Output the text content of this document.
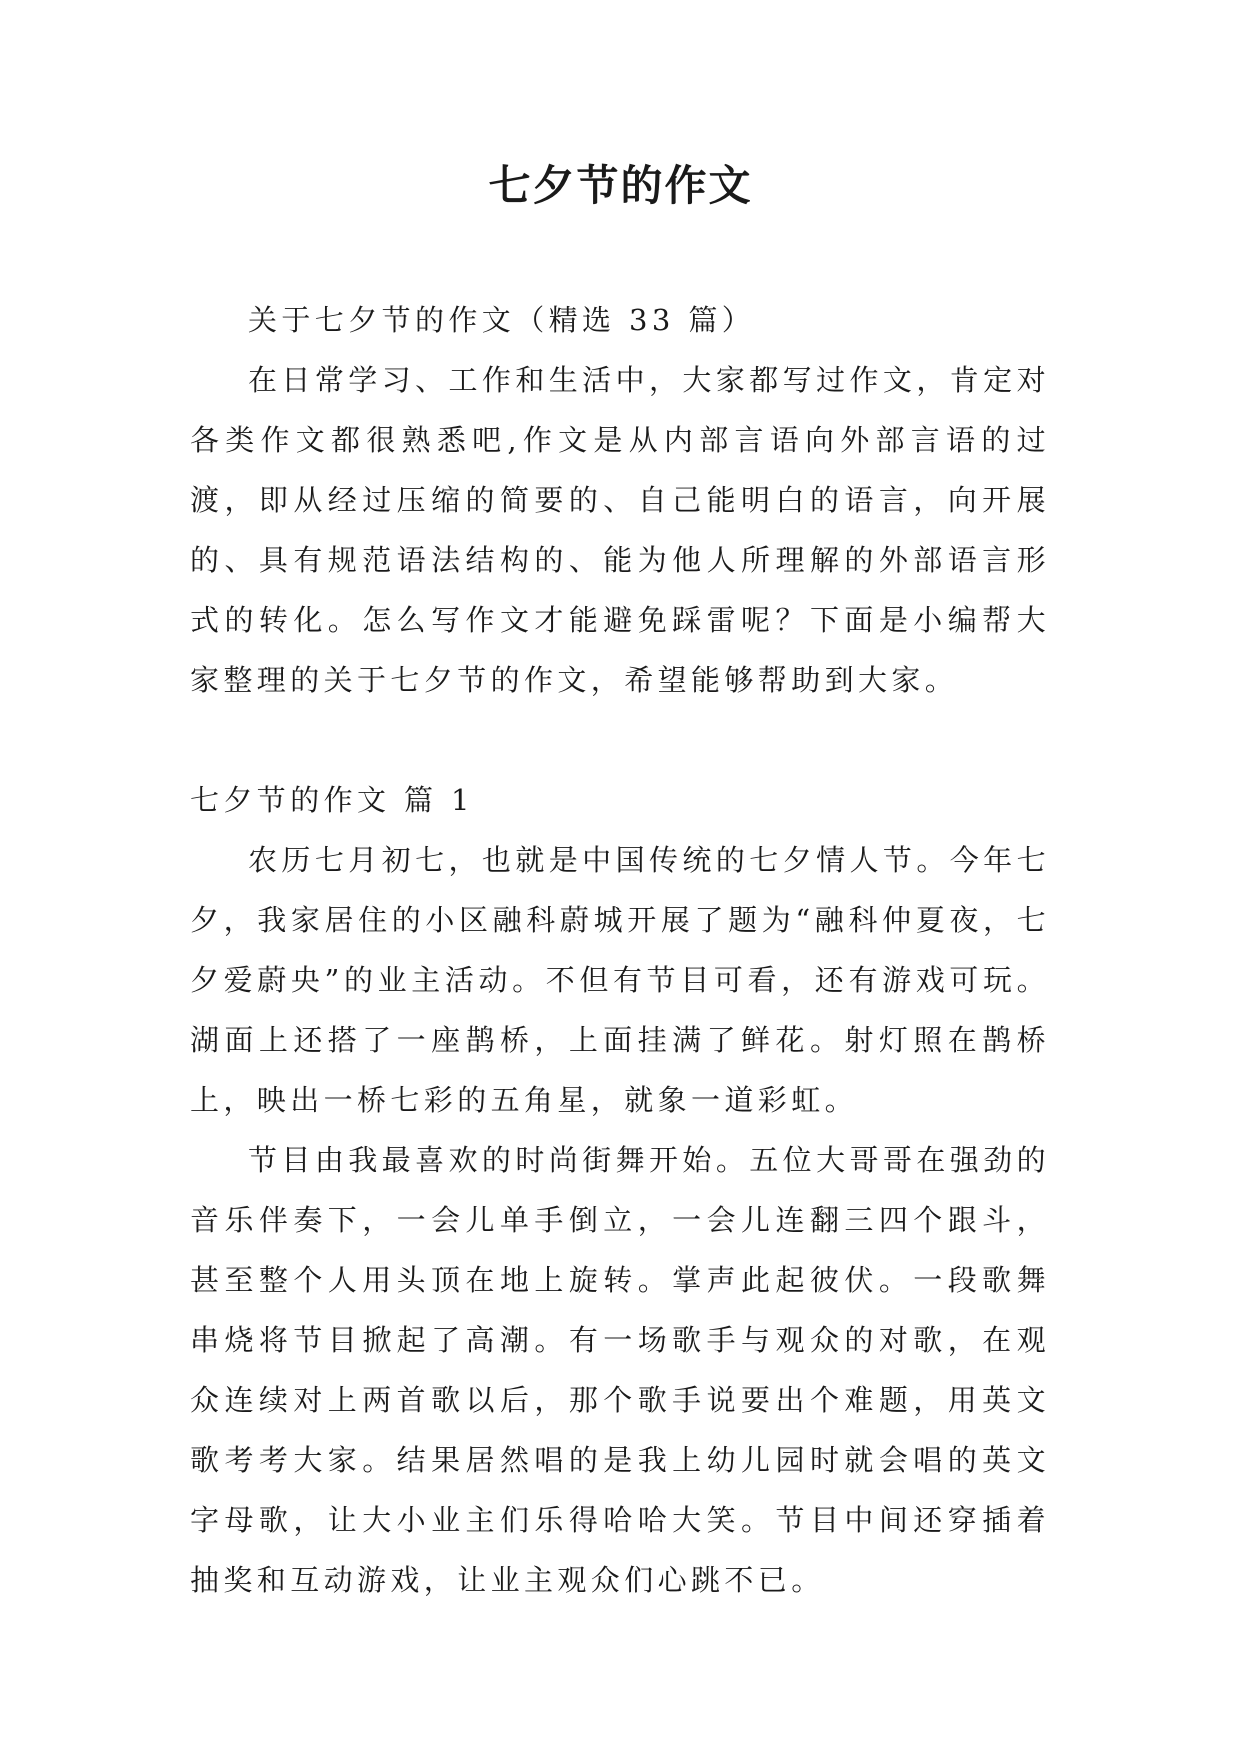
七夕节的作文

关于七夕节的作文（精选 33 篇）

在日常学习、工作和生活中，大家都写过作文，肯定对各类作文都很熟悉吧,作文是从内部言语向外部言语的过渡，即从经过压缩的简要的、自己能明白的语言，向开展的、具有规范语法结构的、能为他人所理解的外部语言形式的转化。怎么写作文才能避免踩雷呢？下面是小编帮大家整理的关于七夕节的作文，希望能够帮助到大家。

七夕节的作文 篇 1

农历七月初七，也就是中国传统的七夕情人节。今年七夕，我家居住的小区融科蔚城开展了题为“融科仲夏夜，七夕爱蔚央”的业主活动。不但有节目可看，还有游戏可玩。湖面上还搭了一座鹊桥，上面挂满了鲜花。射灯照在鹊桥上，映出一桥七彩的五角星，就象一道彩虹。

节目由我最喜欢的时尚街舞开始。五位大哥哥在强劲的音乐伴奏下，一会儿单手倒立，一会儿连翻三四个跟斗，甚至整个人用头顶在地上旋转。掌声此起彼伏。一段歌舞串烧将节目掀起了高潮。有一场歌手与观众的对歌，在观众连续对上两首歌以后，那个歌手说要出个难题，用英文歌考考大家。结果居然唱的是我上幼儿园时就会唱的英文字母歌，让大小业主们乐得哈哈大笑。节目中间还穿插着抽奖和互动游戏，让业主观众们心跳不已。
